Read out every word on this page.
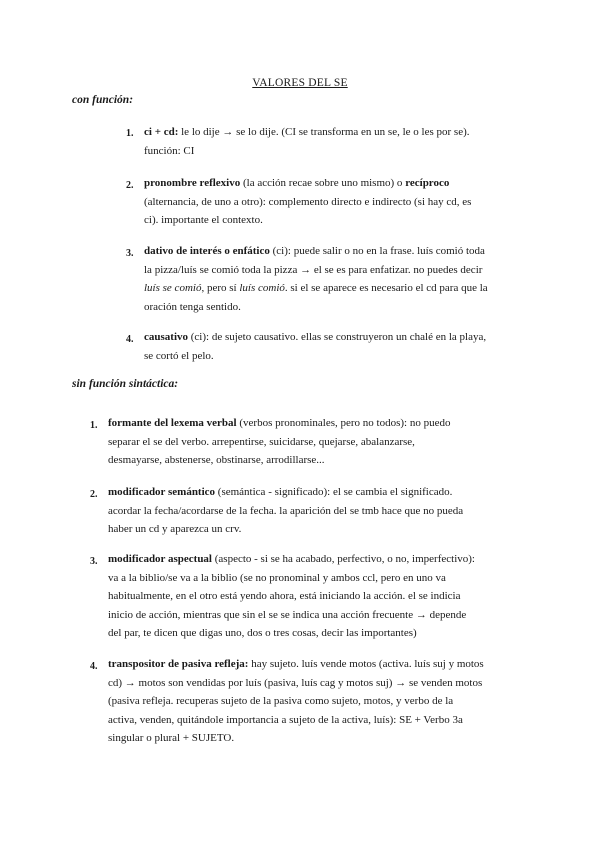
VALORES DEL SE
con función:
1. ci + cd: le lo dije → se lo dije. (CI se transforma en un se, le o les por se).
función: CI
2. pronombre reflexivo (la acción recae sobre uno mismo) o recíproco
(alternancia, de uno a otro): complemento directo e indirecto (si hay cd, es
ci). importante el contexto.
3. dativo de interés o enfático (ci): puede salir o no en la frase. luís comió toda
la pizza/luís se comió toda la pizza → el se es para enfatizar. no puedes decir
luís se comió, pero sí luís comió. si el se aparece es necesario el cd para que la
oración tenga sentido.
4. causativo (ci): de sujeto causativo. ellas se construyeron un chalé en la playa,
se cortó el pelo.
sin función sintáctica:
1. formante del lexema verbal (verbos pronominales, pero no todos): no puedo
separar el se del verbo. arrepentirse, suicidarse, quejarse, abalanzarse,
desmayarse, abstenerse, obstinarse, arrodillarse...
2. modificador semántico (semántica - significado): el se cambia el significado.
acordar la fecha/acordarse de la fecha. la aparición del se tmb hace que no pueda
haber un cd y aparezca un crv.
3. modificador aspectual (aspecto - si se ha acabado, perfectivo, o no, imperfectivo):
va a la biblio/se va a la biblio (se no pronominal y ambos ccl, pero en uno va
habitualmente, en el otro está yendo ahora, está iniciando la acción. el se indicia
inicio de acción, mientras que sin el se se indica una acción frecuente → depende
del par, te dicen que digas uno, dos o tres cosas, decir las importantes)
4. transpositor de pasiva refleja: hay sujeto. luís vende motos (activa. luís suj y motos
cd) → motos son vendidas por luís (pasiva, luís cag y motos suj) → se venden motos
(pasiva refleja. recuperas sujeto de la pasiva como sujeto, motos, y verbo de la
activa, venden, quitándole importancia a sujeto de la activa, luís): SE + Verbo 3a
singular o plural + SUJETO.
